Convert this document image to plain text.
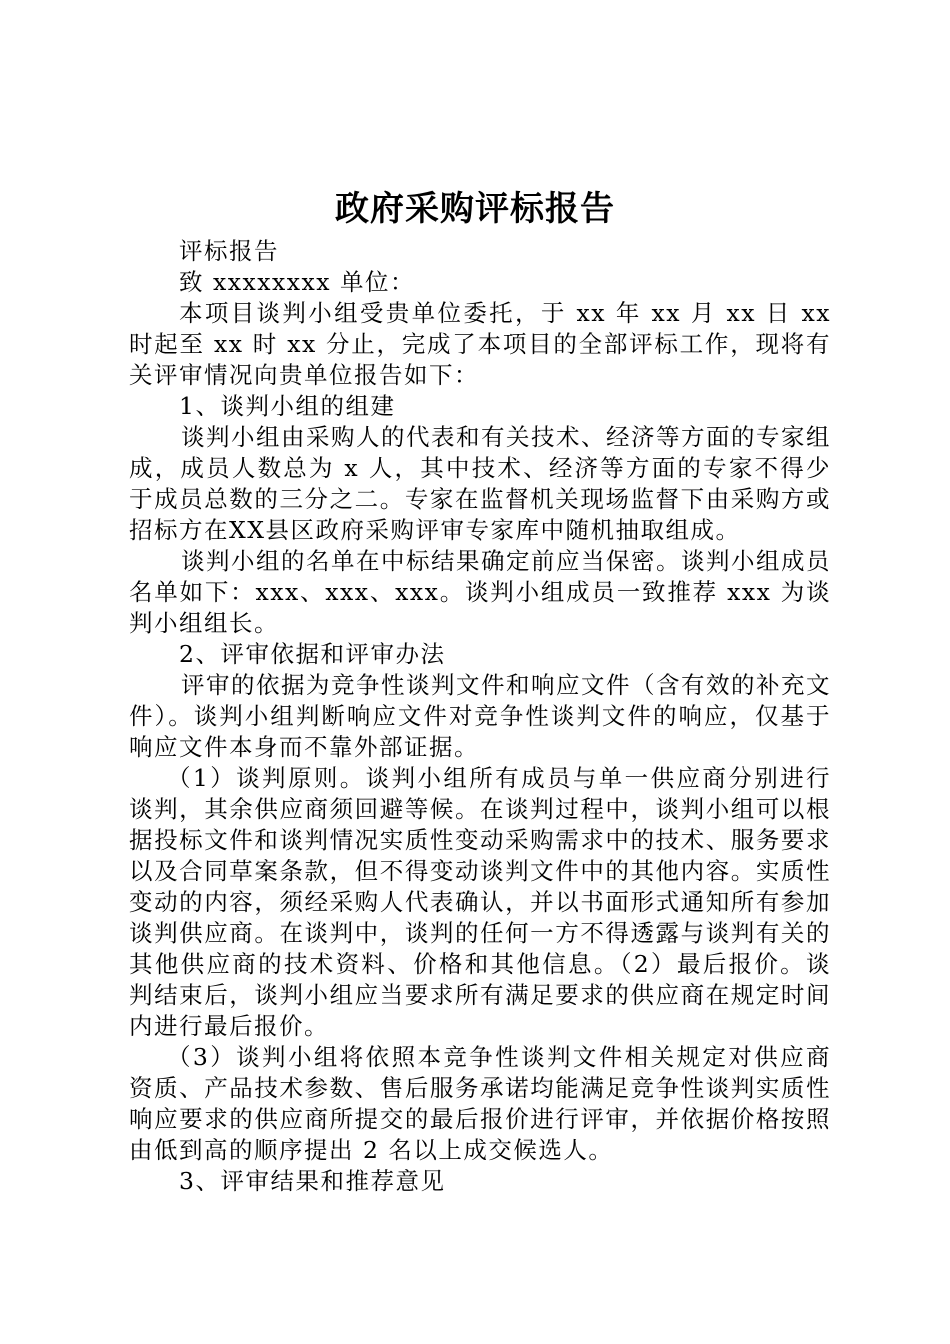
政府采购评标报告

评标报告

致 xxxxxxxx 单位：

本项目谈判小组受贵单位委托，于 xx 年 xx 月 xx 日 xx 时起至 xx 时 xx 分止，完成了本项目的全部评标工作，现将有关评审情况向贵单位报告如下：

1、谈判小组的组建

谈判小组由采购人的代表和有关技术、经济等方面的专家组成，成员人数总为 x 人，其中技术、经济等方面的专家不得少于成员总数的三分之二。专家在监督机关现场监督下由采购方或招标方在XX县区政府采购评审专家库中随机抽取组成。

谈判小组的名单在中标结果确定前应当保密。谈判小组成员名单如下：xxx、xxx、xxx。谈判小组成员一致推荐 xxx 为谈判小组组长。

2、评审依据和评审办法

评审的依据为竞争性谈判文件和响应文件（含有效的补充文件）。谈判小组判断响应文件对竞争性谈判文件的响应，仅基于响应文件本身而不靠外部证据。

（1）谈判原则。谈判小组所有成员与单一供应商分别进行谈判，其余供应商须回避等候。在谈判过程中，谈判小组可以根据投标文件和谈判情况实质性变动采购需求中的技术、服务要求以及合同草案条款，但不得变动谈判文件中的其他内容。实质性变动的内容，须经采购人代表确认，并以书面形式通知所有参加谈判供应商。在谈判中，谈判的任何一方不得透露与谈判有关的其他供应商的技术资料、价格和其他信息。（2）最后报价。谈判结束后，谈判小组应当要求所有满足要求的供应商在规定时间内进行最后报价。

（3）谈判小组将依照本竞争性谈判文件相关规定对供应商资质、产品技术参数、售后服务承诺均能满足竞争性谈判实质性响应要求的供应商所提交的最后报价进行评审，并依据价格按照由低到高的顺序提出 2 名以上成交候选人。

3、评审结果和推荐意见
